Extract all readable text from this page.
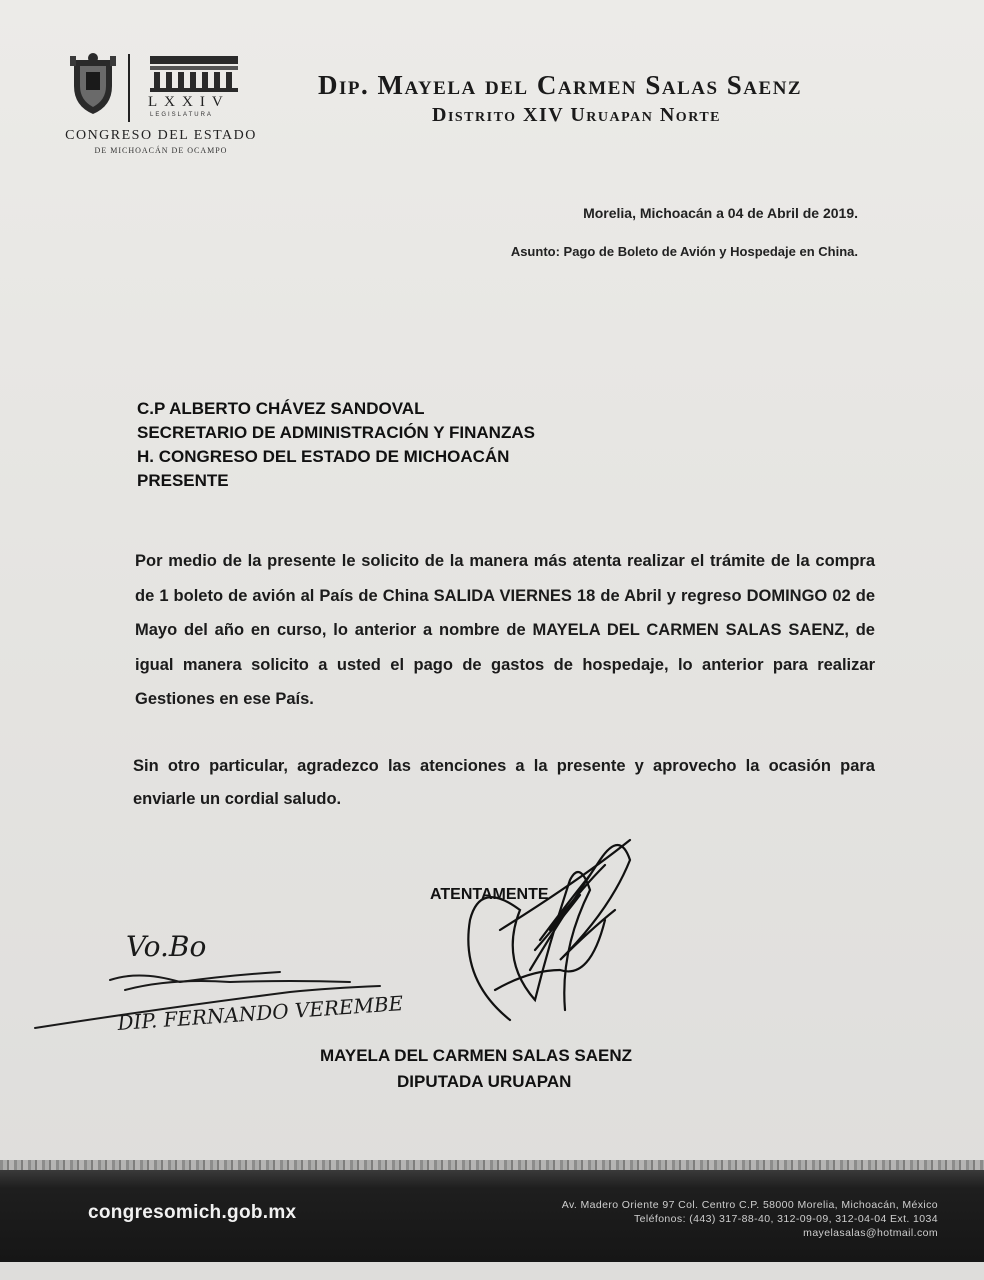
LXXIV
LEGISLATURA
CONGRESO DEL ESTADO
DE MICHOACÁN DE OCAMPO
Dip. Mayela del Carmen Salas Saenz
Distrito XIV Uruapan Norte
Morelia, Michoacán a 04 de Abril de 2019.
Asunto: Pago de Boleto de Avión y Hospedaje en China.
C.P ALBERTO CHÁVEZ SANDOVAL
SECRETARIO DE ADMINISTRACIÓN Y FINANZAS
H. CONGRESO DEL ESTADO DE MICHOACÁN
PRESENTE
Por medio de la presente le solicito de la manera más atenta realizar el trámite de la compra de 1 boleto de avión al País de China SALIDA VIERNES 18 de Abril y regreso DOMINGO 02 de Mayo del año en curso, lo anterior a nombre de MAYELA DEL CARMEN SALAS SAENZ, de igual manera solicito a usted el pago de gastos de hospedaje, lo anterior para realizar Gestiones en ese País.
Sin otro particular, agradezco las atenciones a la presente y aprovecho la ocasión para enviarle un cordial saludo.
ATENTAMENTE
Vo.Bo
DIP. FERNANDO VEREMBE
MAYELA DEL CARMEN SALAS SAENZ
DIPUTADA URUAPAN
congresomich.gob.mx	Av. Madero Oriente 97 Col. Centro C.P. 58000 Morelia, Michoacán, México
Teléfonos: (443) 317-88-40, 312-09-09, 312-04-04 Ext. 1034
mayelasalas@hotmail.com
